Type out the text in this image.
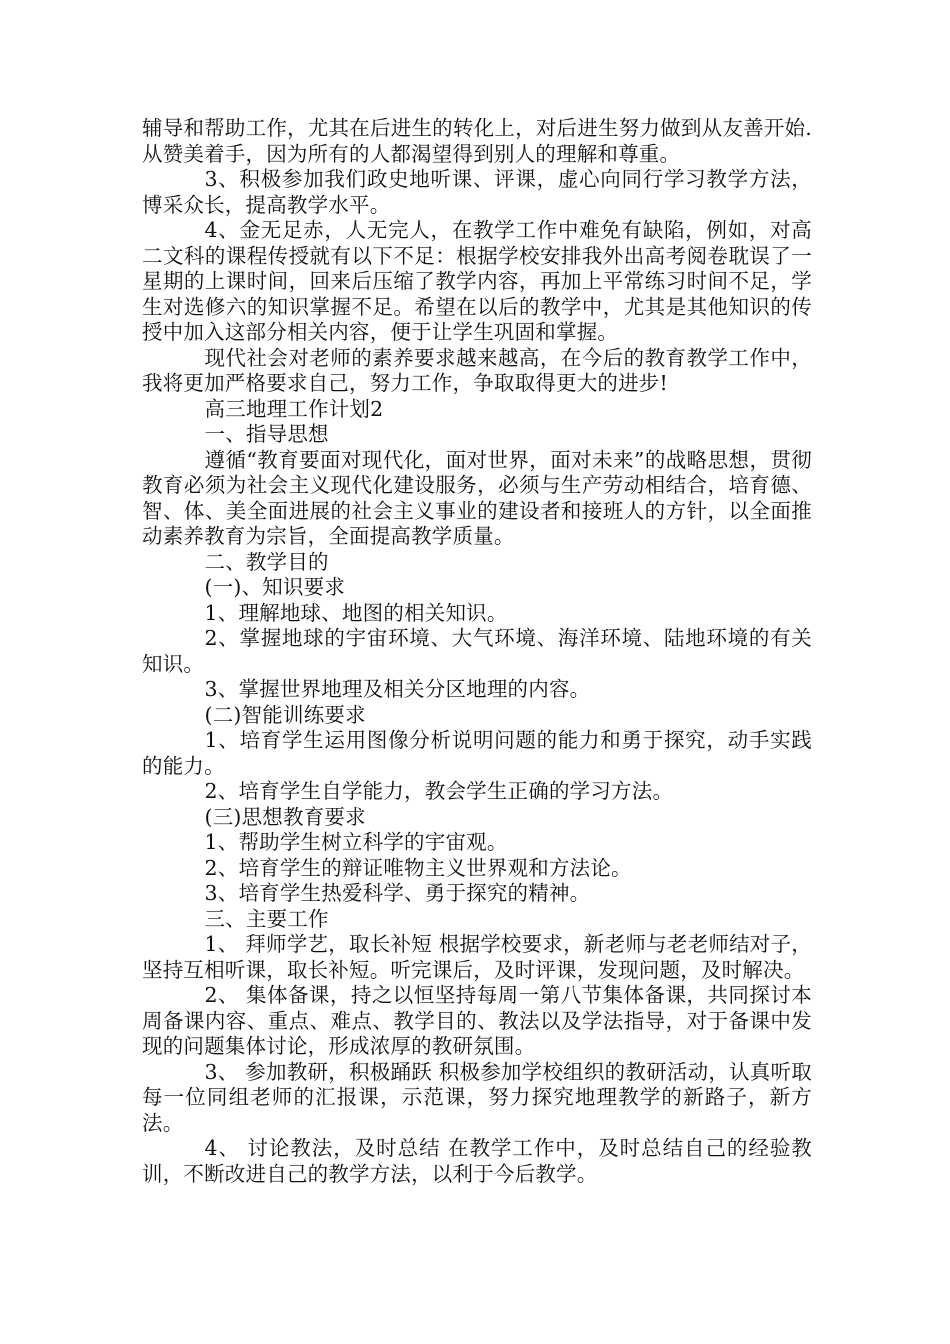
辅导和帮助工作，尤其在后进生的转化上，对后进生努力做到从友善开始.从赞美着手，因为所有的人都渴望得到别人的理解和尊重。

3、积极参加我们政史地听课、评课，虚心向同行学习教学方法，博采众长，提高教学水平。

4、金无足赤，人无完人，在教学工作中难免有缺陷，例如，对高二文科的课程传授就有以下不足：根据学校安排我外出高考阅卷耽误了一星期的上课时间，回来后压缩了教学内容，再加上平常练习时间不足，学生对选修六的知识掌握不足。希望在以后的教学中，尤其是其他知识的传授中加入这部分相关内容，便于让学生巩固和掌握。

现代社会对老师的素养要求越来越高，在今后的教育教学工作中，我将更加严格要求自己，努力工作，争取取得更大的进步!

高三地理工作计划2

一、指导思想

遵循“教育要面对现代化，面对世界，面对未来”的战略思想，贯彻教育必须为社会主义现代化建设服务，必须与生产劳动相结合，培育德、智、体、美全面进展的社会主义事业的建设者和接班人的方针，以全面推动素养教育为宗旨，全面提高教学质量。

二、教学目的

(一)、知识要求

1、理解地球、地图的相关知识。

2、掌握地球的宇宙环境、大气环境、海洋环境、陆地环境的有关知识。

3、掌握世界地理及相关分区地理的内容。

(二)智能训练要求

1、培育学生运用图像分析说明问题的能力和勇于探究，动手实践的能力。

2、培育学生自学能力，教会学生正确的学习方法。

(三)思想教育要求

1、帮助学生树立科学的宇宙观。

2、培育学生的辩证唯物主义世界观和方法论。

3、培育学生热爱科学、勇于探究的精神。

三、主要工作

1、 拜师学艺，取长补短 根据学校要求，新老师与老老师结对子，坚持互相听课，取长补短。听完课后，及时评课，发现问题，及时解决。

2、 集体备课，持之以恒坚持每周一第八节集体备课，共同探讨本周备课内容、重点、难点、教学目的、教法以及学法指导，对于备课中发现的问题集体讨论，形成浓厚的教研氛围。

3、 参加教研，积极踊跃 积极参加学校组织的教研活动，认真听取每一位同组老师的汇报课，示范课，努力探究地理教学的新路子，新方法。

4、 讨论教法，及时总结 在教学工作中，及时总结自己的经验教训，不断改进自己的教学方法，以利于今后教学。
